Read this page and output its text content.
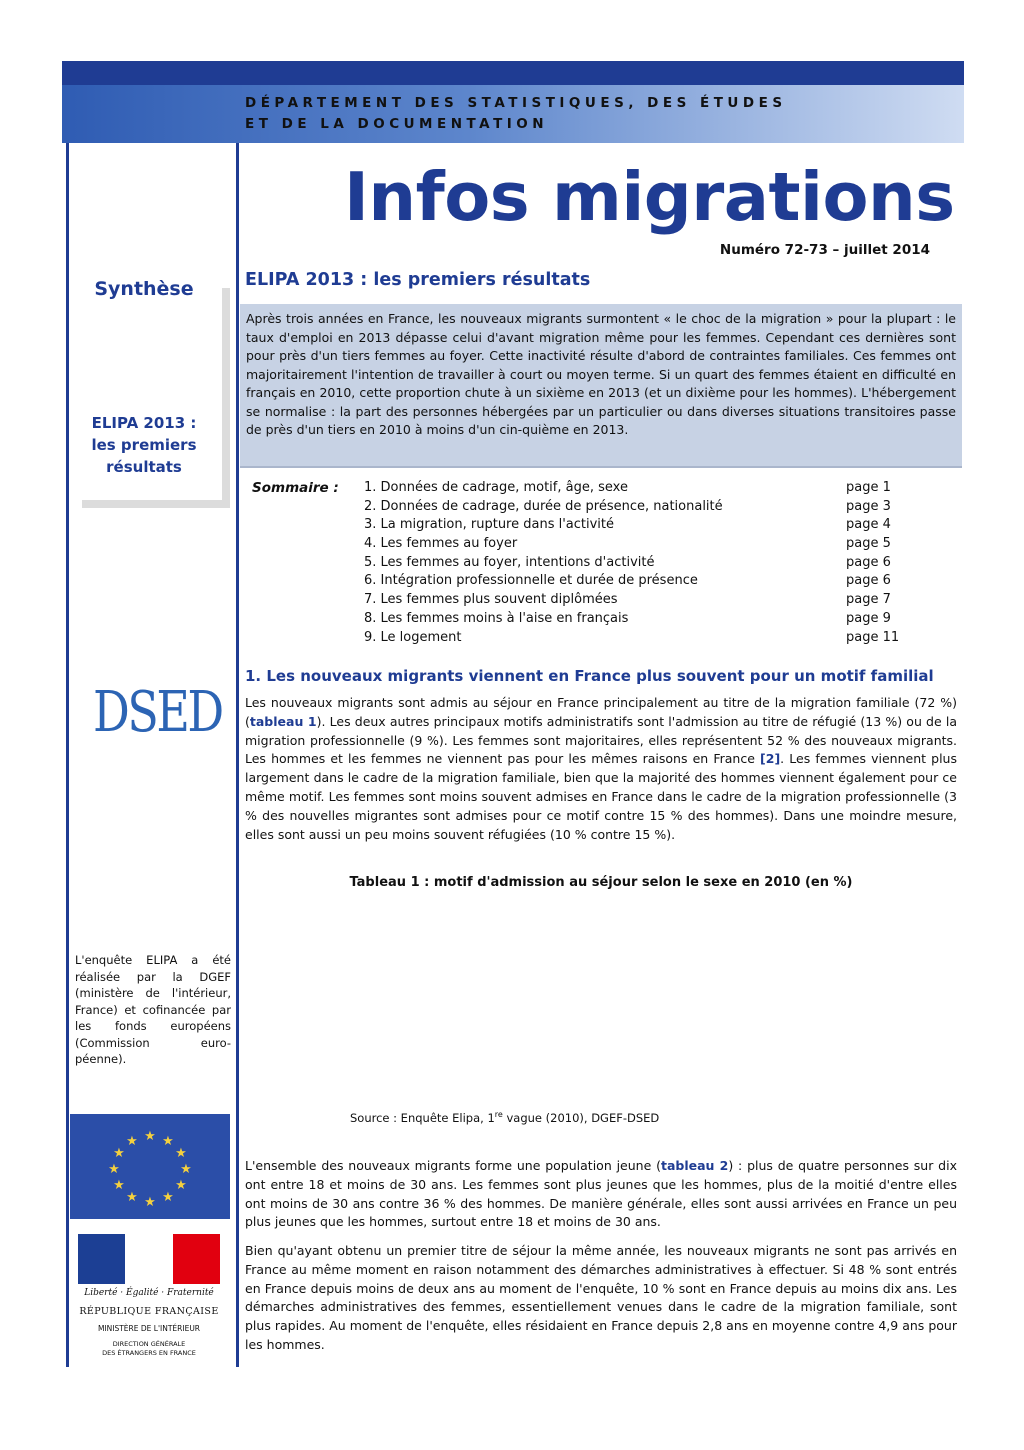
DÉPARTEMENT DES STATISTIQUES, DES ÉTUDES
ET DE LA DOCUMENTATION
Infos migrations
Numéro 72-73 – juillet 2014
Synthèse
ELIPA 2013 :
les premiers
résultats
ELIPA 2013 : les premiers résultats
Après trois années en France, les nouveaux migrants surmontent « le choc de la migration » pour la plupart : le taux d'emploi en 2013 dépasse celui d'avant migration même pour les femmes. Cependant ces dernières sont pour près d'un tiers femmes au foyer. Cette inactivité résulte d'abord de contraintes familiales. Ces femmes ont majoritairement l'intention de travailler à court ou moyen terme. Si un quart des femmes étaient en difficulté en français en 2010, cette proportion chute à un sixième en 2013 (et un dixième pour les hommes). L'hébergement se normalise : la part des personnes hébergées par un particulier ou dans diverses situations transitoires passe de près d'un tiers en 2010 à moins d'un cin-quième en 2013.
Sommaire : 1. Données de cadrage, motif, âge, sexe	page 1
2. Données de cadrage, durée de présence, nationalité	page 3
3. La migration, rupture dans l'activité	page 4
4. Les femmes au foyer	page 5
5. Les femmes au foyer, intentions d'activité	page 6
6. Intégration professionnelle et durée de présence	page 6
7. Les femmes plus souvent diplômées	page 7
8. Les femmes moins à l'aise en français	page 9
9. Le logement	page 11
1. Les nouveaux migrants viennent en France plus souvent pour un motif familial

Les nouveaux migrants sont admis au séjour en France principalement au titre de la migration familiale (72 %) (tableau 1). Les deux autres principaux motifs administratifs sont l'admission au titre de réfugié (13 %) ou de la migration professionnelle (9 %). Les femmes sont majoritaires, elles représentent 52 % des nouveaux migrants. Les hommes et les femmes ne viennent pas pour les mêmes raisons en France [2]. Les femmes viennent plus largement dans le cadre de la migration familiale, bien que la majorité des hommes viennent également pour ce même motif. Les femmes sont moins souvent admises en France dans le cadre de la migration professionnelle (3 % des nouvelles migrantes sont admises pour ce motif contre 15 % des hommes). Dans une moindre mesure, elles sont aussi un peu moins souvent réfugiées (10 % contre 15 %).

Tableau 1 : motif d'admission au séjour selon le sexe en 2010 (en %)
Source : Enquête Elipa, 1re vague (2010), DGEF-DSED

L'ensemble des nouveaux migrants forme une population jeune (tableau 2) : plus de quatre personnes sur dix ont entre 18 et moins de 30 ans. Les femmes sont plus jeunes que les hommes, plus de la moitié d'entre elles ont moins de 30 ans contre 36 % des hommes. De manière générale, elles sont aussi arrivées en France un peu plus jeunes que les hommes, surtout entre 18 et moins de 30 ans.

Bien qu'ayant obtenu un premier titre de séjour la même année, les nouveaux migrants ne sont pas arrivés en France au même moment en raison notamment des démarches administratives à effectuer. Si 48 % sont entrés en France depuis moins de deux ans au moment de l'enquête, 10 % sont en France depuis au moins dix ans. Les démarches administratives des femmes, essentiellement venues dans le cadre de la migration familiale, sont plus rapides. Au moment de l'enquête, elles résidaient en France depuis 2,8 ans en moyenne contre 4,9 ans pour les hommes.

DSED
L'enquête ELIPA a été réalisée par la DGEF (ministère de l'intérieur, France) et cofinancée par les fonds européens (Commission euro-péenne).
★ ★
★
★
★
★
★
★
★
★
★
★
Liberté · Égalité · Fraternité
RÉPUBLIQUE FRANÇAISE
MINISTÈRE DE L'INTÉRIEUR
DIRECTION GÉNÉRALE
DES ÉTRANGERS EN FRANCE
